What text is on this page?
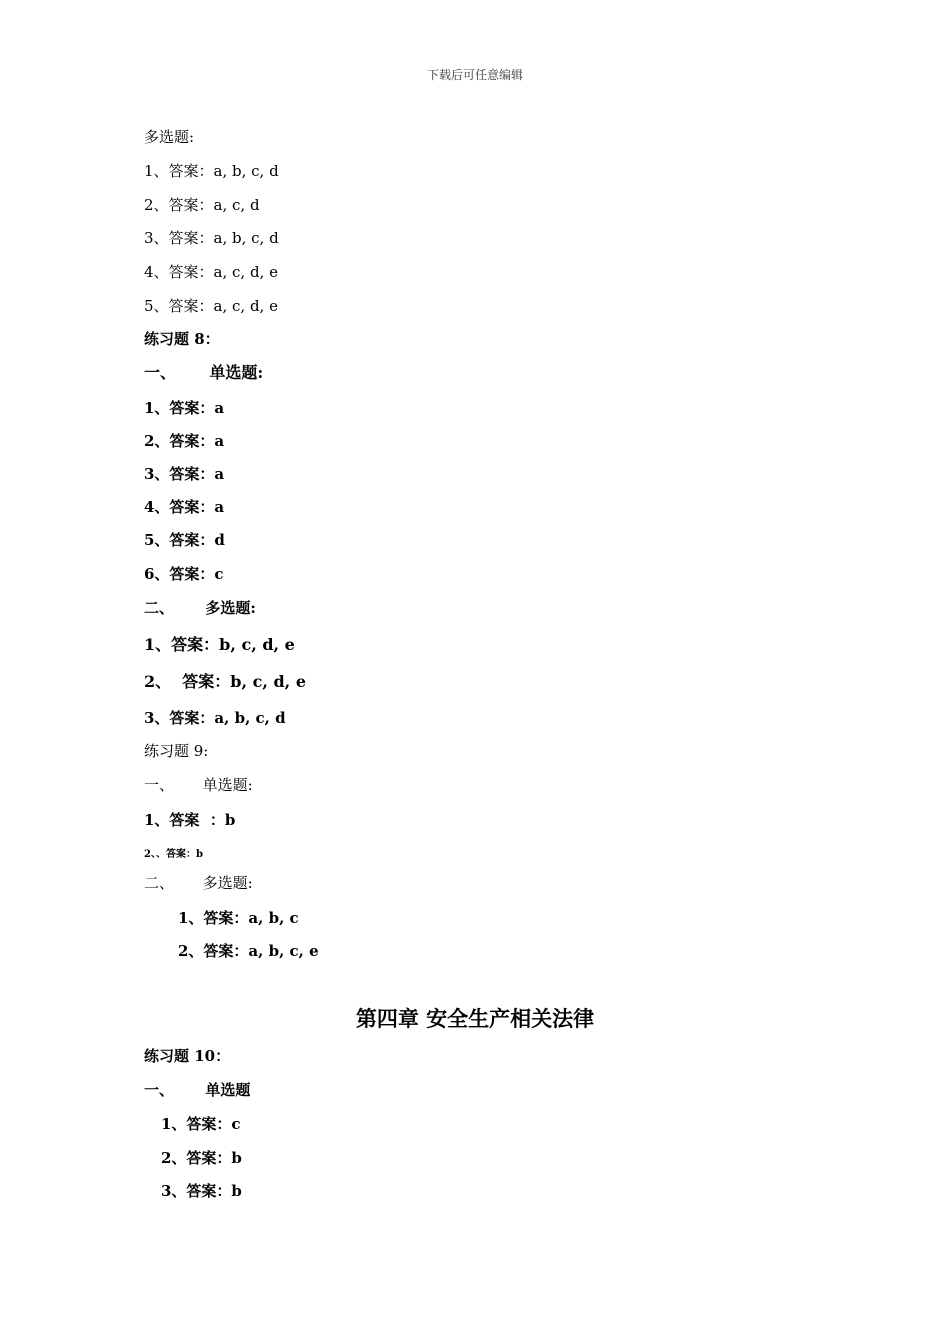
下载后可任意编辑
多选题:
1、答案：a, b, c, d
2、答案：a, c, d
3、答案：a, b, c, d
4、答案：a, c, d, e
5、答案：a, c, d, e
练习题 8：
一、      单选题:
1、答案：a
2、答案：a
3、答案：a
4、答案：a
5、答案：d
6、答案：c
二、      多选题:
1、答案：b, c, d, e
2、  答案：b, c, d, e
3、答案：a, b, c, d
练习题 9:
一、      单选题:
1、答案  ：b
2、、答案：b
二、      多选题:
1、答案：a, b, c
2、答案：a, b, c, e
第四章 安全生产相关法律
练习题 10：
一、      单选题
1、答案：c
2、答案：b
3、答案：b
